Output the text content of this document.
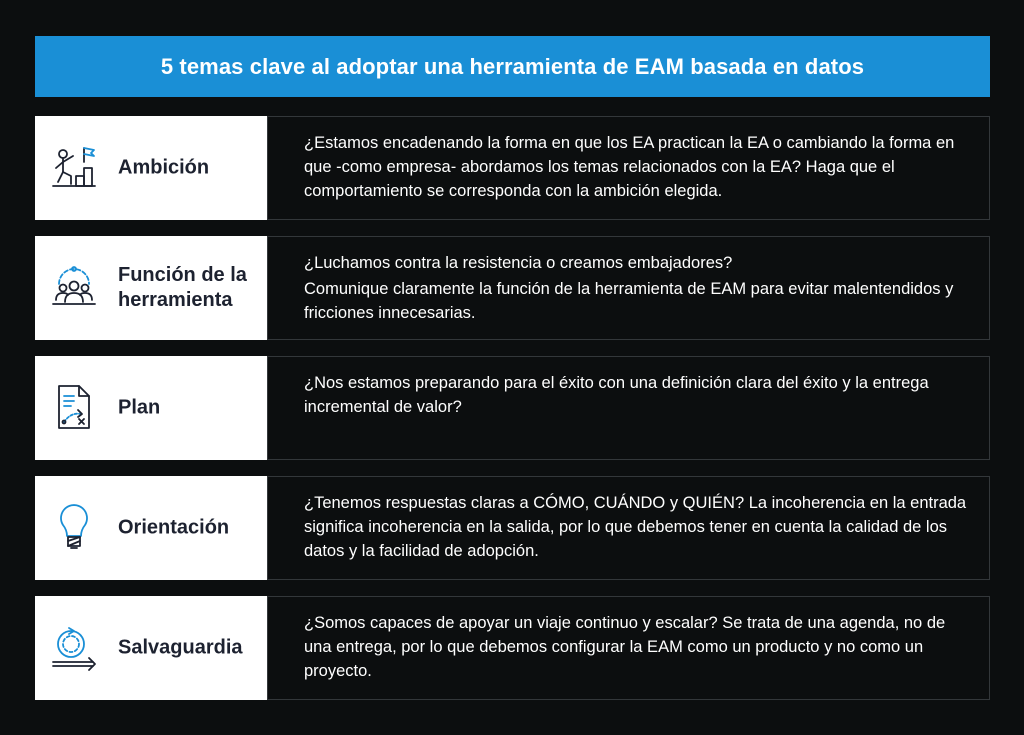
5 temas clave al adoptar una herramienta de EAM basada en datos
Ambición

¿Estamos encadenando la forma en que los EA practican la EA o cambiando la forma en que -como empresa- abordamos los temas relacionados con la EA? Haga que el comportamiento se corresponda con la ambición elegida.

Función de la herramienta

¿Luchamos contra la resistencia o creamos embajadores?

Comunique claramente la función de la herramienta de EAM para evitar malentendidos y fricciones innecesarias.

Plan

¿Nos estamos preparando para el éxito con una definición clara del éxito y la entrega incremental de valor?

Orientación

¿Tenemos respuestas claras a CÓMO, CUÁNDO y QUIÉN? La incoherencia en la entrada significa incoherencia en la salida, por lo que debemos tener en cuenta la calidad de los datos y la facilidad de adopción.

Salvaguardia

¿Somos capaces de apoyar un viaje continuo y escalar? Se trata de una agenda, no de una entrega, por lo que debemos configurar la EAM como un producto y no como un proyecto.
